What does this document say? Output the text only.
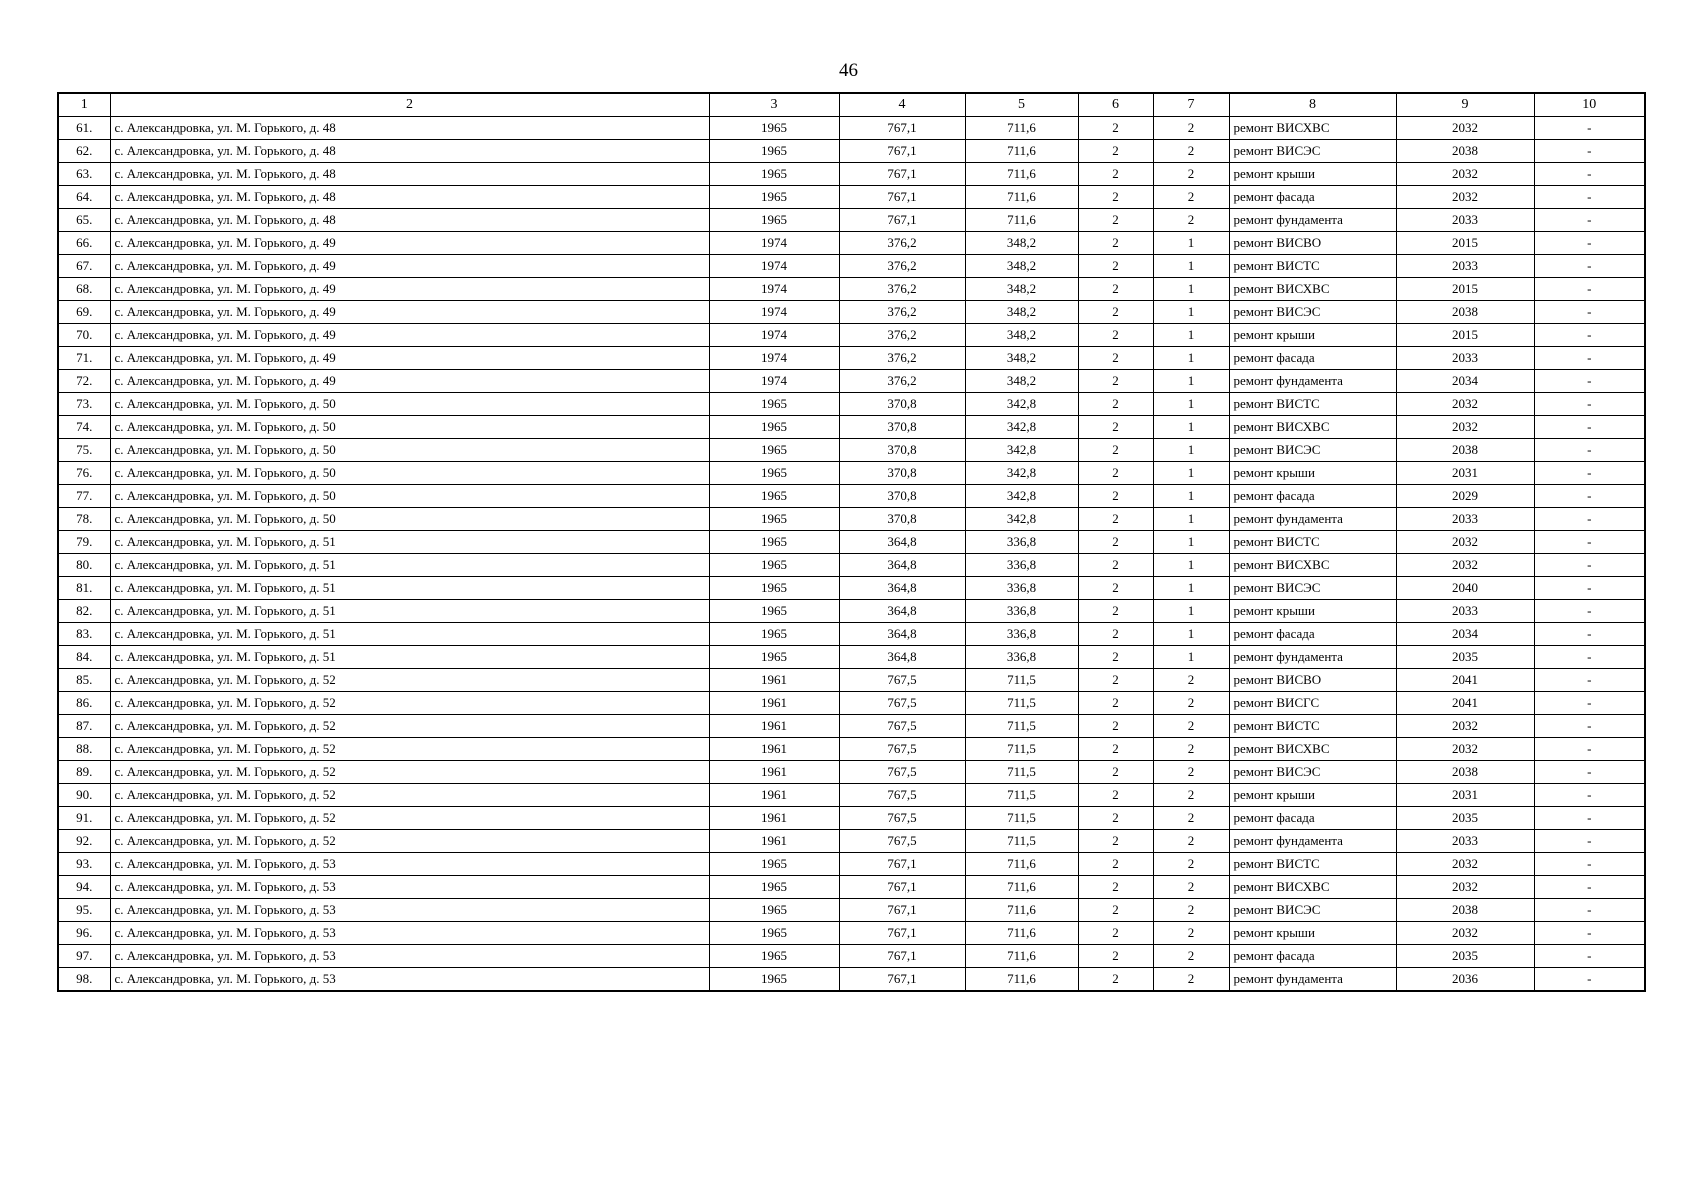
46
1	2	3	4	5	6	7	8	9	10
61.	с. Александровка, ул. М. Горького, д. 48	1965	767,1	711,6	2	2	ремонт ВИСХВС	2032	-
62.	с. Александровка, ул. М. Горького, д. 48	1965	767,1	711,6	2	2	ремонт ВИСЭС	2038	-
63.	с. Александровка, ул. М. Горького, д. 48	1965	767,1	711,6	2	2	ремонт крыши	2032	-
64.	с. Александровка, ул. М. Горького, д. 48	1965	767,1	711,6	2	2	ремонт фасада	2032	-
65.	с. Александровка, ул. М. Горького, д. 48	1965	767,1	711,6	2	2	ремонт фундамента	2033	-
66.	с. Александровка, ул. М. Горького, д. 49	1974	376,2	348,2	2	1	ремонт ВИСВО	2015	-
67.	с. Александровка, ул. М. Горького, д. 49	1974	376,2	348,2	2	1	ремонт ВИСТС	2033	-
68.	с. Александровка, ул. М. Горького, д. 49	1974	376,2	348,2	2	1	ремонт ВИСХВС	2015	-
69.	с. Александровка, ул. М. Горького, д. 49	1974	376,2	348,2	2	1	ремонт ВИСЭС	2038	-
70.	с. Александровка, ул. М. Горького, д. 49	1974	376,2	348,2	2	1	ремонт крыши	2015	-
71.	с. Александровка, ул. М. Горького, д. 49	1974	376,2	348,2	2	1	ремонт фасада	2033	-
72.	с. Александровка, ул. М. Горького, д. 49	1974	376,2	348,2	2	1	ремонт фундамента	2034	-
73.	с. Александровка, ул. М. Горького, д. 50	1965	370,8	342,8	2	1	ремонт ВИСТС	2032	-
74.	с. Александровка, ул. М. Горького, д. 50	1965	370,8	342,8	2	1	ремонт ВИСХВС	2032	-
75.	с. Александровка, ул. М. Горького, д. 50	1965	370,8	342,8	2	1	ремонт ВИСЭС	2038	-
76.	с. Александровка, ул. М. Горького, д. 50	1965	370,8	342,8	2	1	ремонт крыши	2031	-
77.	с. Александровка, ул. М. Горького, д. 50	1965	370,8	342,8	2	1	ремонт фасада	2029	-
78.	с. Александровка, ул. М. Горького, д. 50	1965	370,8	342,8	2	1	ремонт фундамента	2033	-
79.	с. Александровка, ул. М. Горького, д. 51	1965	364,8	336,8	2	1	ремонт ВИСТС	2032	-
80.	с. Александровка, ул. М. Горького, д. 51	1965	364,8	336,8	2	1	ремонт ВИСХВС	2032	-
81.	с. Александровка, ул. М. Горького, д. 51	1965	364,8	336,8	2	1	ремонт ВИСЭС	2040	-
82.	с. Александровка, ул. М. Горького, д. 51	1965	364,8	336,8	2	1	ремонт крыши	2033	-
83.	с. Александровка, ул. М. Горького, д. 51	1965	364,8	336,8	2	1	ремонт фасада	2034	-
84.	с. Александровка, ул. М. Горького, д. 51	1965	364,8	336,8	2	1	ремонт фундамента	2035	-
85.	с. Александровка, ул. М. Горького, д. 52	1961	767,5	711,5	2	2	ремонт ВИСВО	2041	-
86.	с. Александровка, ул. М. Горького, д. 52	1961	767,5	711,5	2	2	ремонт ВИСГС	2041	-
87.	с. Александровка, ул. М. Горького, д. 52	1961	767,5	711,5	2	2	ремонт ВИСТС	2032	-
88.	с. Александровка, ул. М. Горького, д. 52	1961	767,5	711,5	2	2	ремонт ВИСХВС	2032	-
89.	с. Александровка, ул. М. Горького, д. 52	1961	767,5	711,5	2	2	ремонт ВИСЭС	2038	-
90.	с. Александровка, ул. М. Горького, д. 52	1961	767,5	711,5	2	2	ремонт крыши	2031	-
91.	с. Александровка, ул. М. Горького, д. 52	1961	767,5	711,5	2	2	ремонт фасада	2035	-
92.	с. Александровка, ул. М. Горького, д. 52	1961	767,5	711,5	2	2	ремонт фундамента	2033	-
93.	с. Александровка, ул. М. Горького, д. 53	1965	767,1	711,6	2	2	ремонт ВИСТС	2032	-
94.	с. Александровка, ул. М. Горького, д. 53	1965	767,1	711,6	2	2	ремонт ВИСХВС	2032	-
95.	с. Александровка, ул. М. Горького, д. 53	1965	767,1	711,6	2	2	ремонт ВИСЭС	2038	-
96.	с. Александровка, ул. М. Горького, д. 53	1965	767,1	711,6	2	2	ремонт крыши	2032	-
97.	с. Александровка, ул. М. Горького, д. 53	1965	767,1	711,6	2	2	ремонт фасада	2035	-
98.	с. Александровка, ул. М. Горького, д. 53	1965	767,1	711,6	2	2	ремонт фундамента	2036	-
